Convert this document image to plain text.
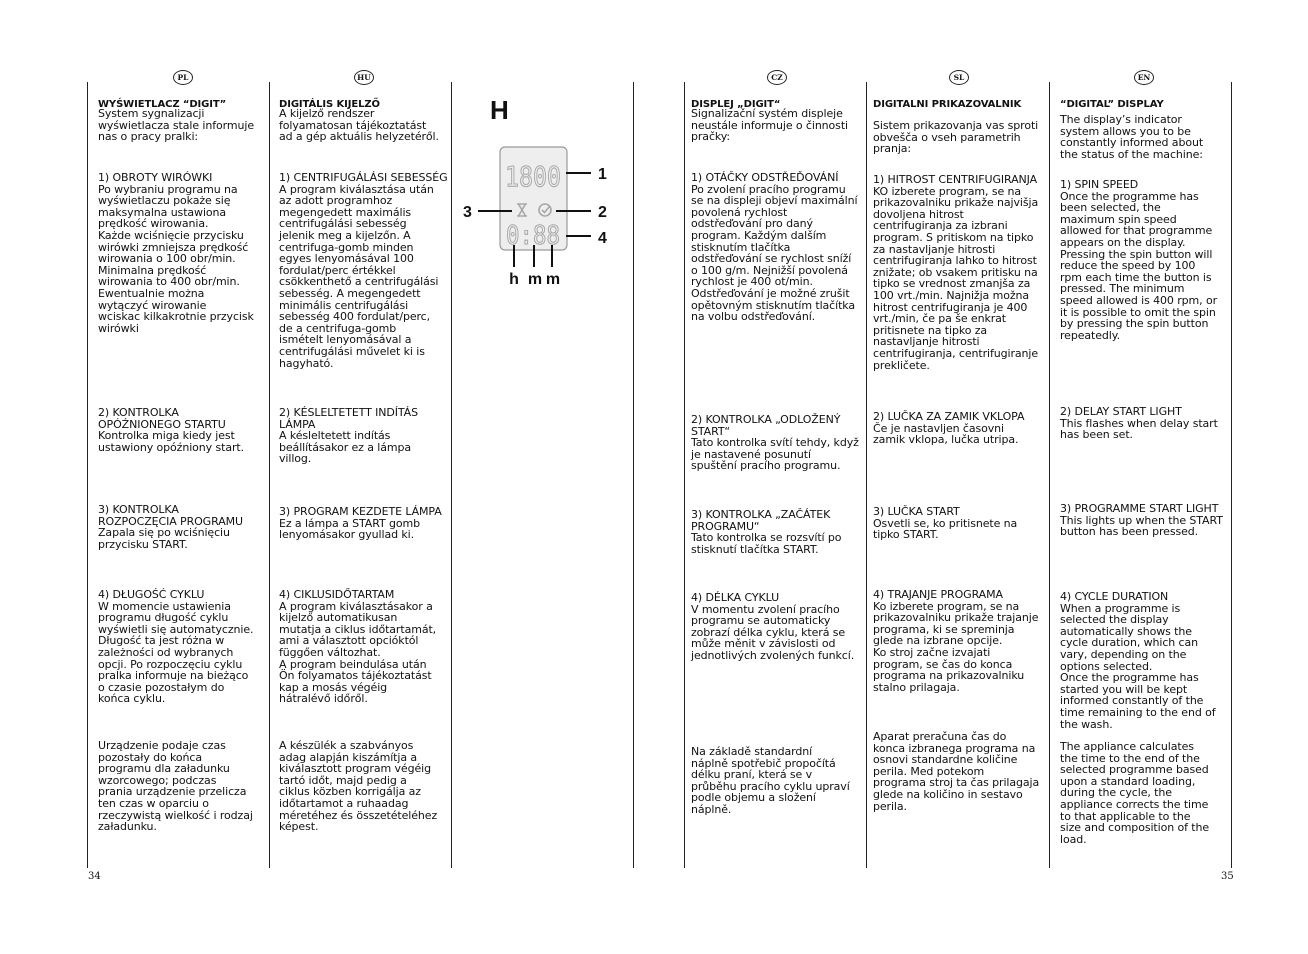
PL
WYŚWIETLACZ “DIGIT”
System sygnalizacji
wyświetlacza stale informuje
nas o pracy pralki:
1) OBROTY WIRÓWKI
Po wybraniu programu na
wyświetlaczu pokaże się
maksymalna ustawiona
prędkość wirowania.
Każde wciśnięcie przycisku
wirówki zmniejsza prędkość
wirowania o 100 obr/min.
Minimalna prędkość
wirowania to 400 obr/min.
Ewentualnie można
wytączyć wirowanie
wciskac kilkakrotnie przycisk
wirówki
2) KONTROLKA
OPÓŹNIONEGO STARTU
Kontrolka miga kiedy jest
ustawiony opóźniony start.
3) KONTROLKA
ROZPOCZĘCIA PROGRAMU
Zapala się po wciśnięciu
przycisku START.
4) DŁUGOŚĆ CYKLU
W momencie ustawienia
programu długość cyklu
wyświetli się automatycznie.
Długość ta jest różna w
zależności od wybranych
opcji. Po rozpoczęciu cyklu
pralka informuje na bieżąco
o czasie pozostałym do
końca cyklu.
Urządzenie podaje czas
pozostały do końca
programu dla załadunku
wzorcowego; podczas
prania urządzenie przelicza
ten czas w oparciu o
rzeczywistą wielkość i rodzaj
załadunku.
HU
DIGITÁLIS KIJELZŐ
A kijelző rendszer
folyamatosan tájékoztatást
ad a gép aktuális helyzetéről.
1) CENTRIFUGÁLÁSI SEBESSÉG
A program kiválasztása után
az adott programhoz
megengedett maximális
centrifugálási sebesség
jelenik meg a kijelzőn. A
centrifuga-gomb minden
egyes lenyomásával 100
fordulat/perc értékkel
csökkenthető a centrifugálási
sebesség. A megengedett
minimális centrifugálási
sebesség 400 fordulat/perc,
de a centrifuga-gomb
ismételt lenyomásával a
centrifugálási művelet ki is
hagyható.
2) KÉSLELTETETT INDÍTÁS
LÁMPA
A késleltetett indítás
beállításakor ez a lámpa
villog.
3) PROGRAM KEZDETE LÁMPA
Ez a lámpa a START gomb
lenyomásakor gyullad ki.
4) CIKLUSIDŐTARTAM
A program kiválasztásakor a
kijelző automatikusan
mutatja a ciklus időtartamát,
ami a választott opcióktól
függően változhat.
A program beindulása után
Ön folyamatos tájékoztatást
kap a mosás végéig
hátralévő időről.
A készülék a szabványos
adag alapján kiszámítja a
kiválasztott program végéig
tartó időt, majd pedig a
ciklus közben korrigálja az
időtartamot a ruhaadag
méretéhez és összetételéhez
képest.
H
1800
0:88
1
2
3
4
h m m
CZ
DISPLEJ „DIGIT“
Signalizační systém displeje
neustále informuje o činnosti
pračky:
1) OTÁČKY ODSTŘEĎOVÁNÍ
Po zvolení pracího programu
se na displeji objeví maximální
povolená rychlost
odstřeďování pro daný
program. Každým dalším
stisknutím tlačítka
odstřeďování se rychlost sníží
o 100 g/m. Nejnižší povolená
rychlost je 400 ot/min.
Odstřeďování je možné zrušit
opětovným stisknutím tlačítka
na volbu odstřeďování.
2) KONTROLKA „ODLOŽENÝ
START“
Tato kontrolka svítí tehdy, když
je nastavené posunutí
spuštění pracího programu.
3) KONTROLKA „ZAČÁTEK
PROGRAMU“
Tato kontrolka se rozsvítí po
stisknutí tlačítka START.
4) DÉLKA CYKLU
V momentu zvolení pracího
programu se automaticky
zobrazí délka cyklu, která se
může měnit v závislosti od
jednotlivých zvolených funkcí.
Na základě standardní
náplně spotřebič propočítá
délku praní, která se v
průběhu pracího cyklu upraví
podle objemu a složení
náplně.
SL
DIGITALNI PRIKAZOVALNIK
Sistem prikazovanja vas sproti
obvešča o vseh parametrih
pranja:
1) HITROST CENTRIFUGIRANJA
KO izberete program, se na
prikazovalniku prikaže najvišja
dovoljena hitrost
centrifugiranja za izbrani
program. S pritiskom na tipko
za nastavljanje hitrosti
centrifugiranja lahko to hitrost
znižate; ob vsakem pritisku na
tipko se vrednost zmanjša za
100 vrt./min. Najnižja možna
hitrost centrifugiranja je 400
vrt./min, če pa še enkrat
pritisnete na tipko za
nastavljanje hitrosti
centrifugiranja, centrifugiranje
prekličete.
2) LUČKA ZA ZAMIK VKLOPA
Če je nastavljen časovni
zamik vklopa, lučka utripa.
3) LUČKA START
Osvetli se, ko pritisnete na
tipko START.
4) TRAJANJE PROGRAMA
Ko izberete program, se na
prikazovalniku prikaže trajanje
programa, ki se spreminja
glede na izbrane opcije.
Ko stroj začne izvajati
program, se čas do konca
programa na prikazovalniku
stalno prilagaja.
Aparat preračuna čas do
konca izbranega programa na
osnovi standardne količine
perila. Med potekom
programa stroj ta čas prilagaja
glede na količino in sestavo
perila.
EN
“DIGITAL” DISPLAY
The display’s indicator
system allows you to be
constantly informed about
the status of the machine:
1) SPIN SPEED
Once the programme has
been selected, the
maximum spin speed
allowed for that programme
appears on the display.
Pressing the spin button will
reduce the speed by 100
rpm each time the button is
pressed. The minimum
speed allowed is 400 rpm, or
it is possible to omit the spin
by pressing the spin button
repeatedly.
2) DELAY START LIGHT
This flashes when delay start
has been set.
3) PROGRAMME START LIGHT
This lights up when the START
button has been pressed.
4) CYCLE DURATION
When a programme is
selected the display
automatically shows the
cycle duration, which can
vary, depending on the
options selected.
Once the programme has
started you will be kept
informed constantly of the
time remaining to the end of
the wash.
The appliance calculates
the time to the end of the
selected programme based
upon a standard loading,
during the cycle, the
appliance corrects the time
to that applicable to the
size and composition of the
load.
34	35
